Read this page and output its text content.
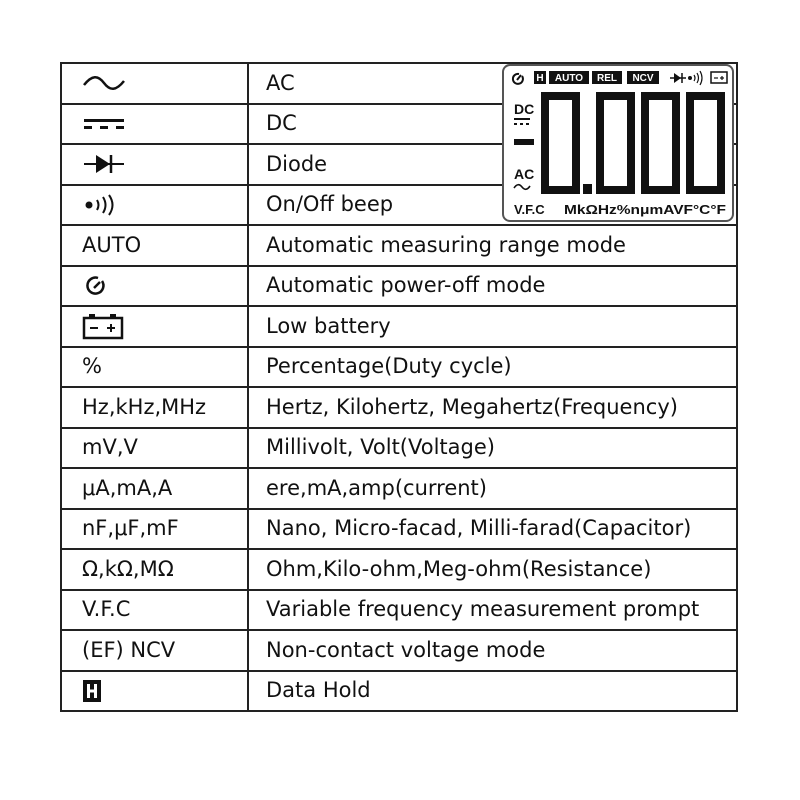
	AC

	DC

	Diode

	On/Off beep
AUTO	Automatic measuring range mode

	Automatic power-off mode

	Low battery
%	Percentage(Duty cycle)
Hz,kHz,MHz	Hertz, Kilohertz, Megahertz(Frequency)
mV,V	Millivolt, Volt(Voltage)
μA,mA,A	ere,mA,amp(current)
nF,μF,mF	Nano, Micro-facad, Milli-farad(Capacitor)
Ω,kΩ,MΩ	Ohm,Kilo-ohm,Meg-ohm(Resistance)
V.F.C	Variable frequency measurement prompt
(EF) NCV	Non-contact voltage mode

	Data Hold
H AUTO REL NCV
DC
AC
V.F.C MkΩHz%nμmAVF°C°F
